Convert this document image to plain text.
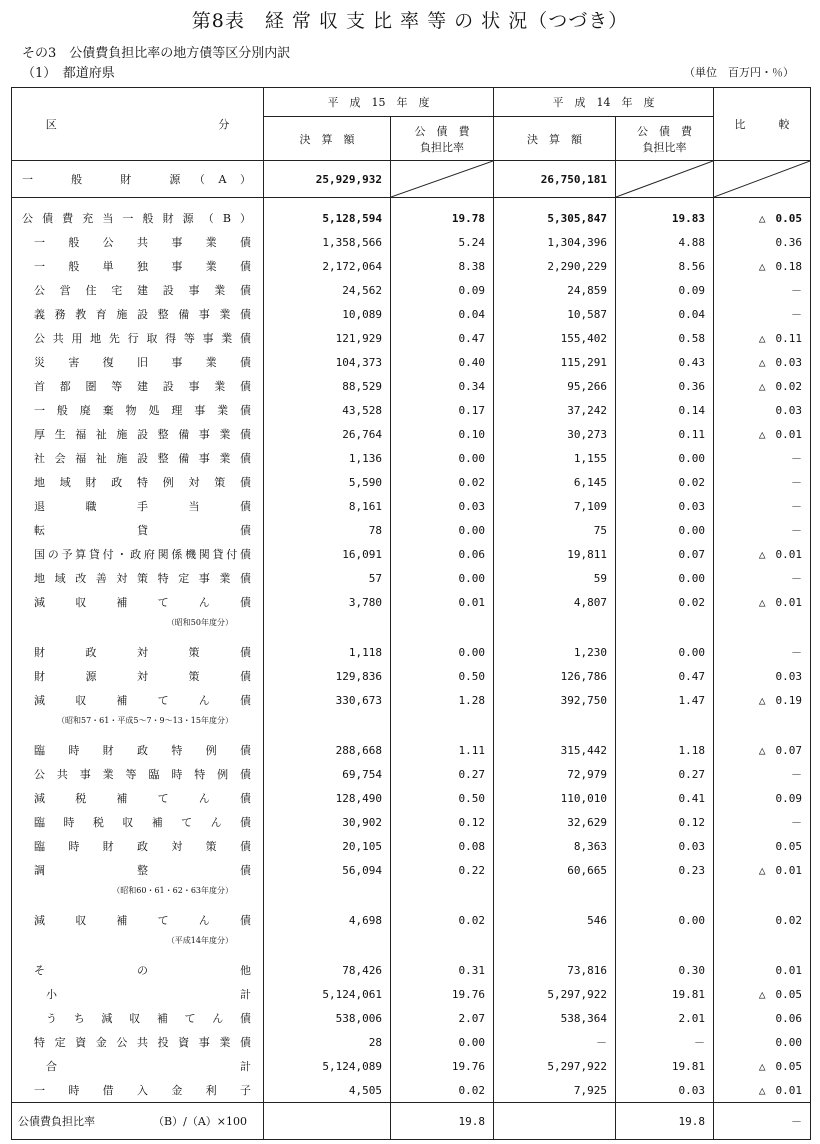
第8表　経 常 収 支 比 率 等 の 状 況（つづき）
その3　公債費負担比率の地方債等区分別内訳
（1）　都道府県	（単位　百万円・％）
区 分	平　成　15　年　度		平　成　14　年　度		比　　　較
	決　算　額	公　債　費
負担比率	決　算　額	公　債　費
負担比率	

一　般　財　源（A）	25,929,932		26,750,181	

公債費充当一般財源（B）	5,128,594	19.78	5,305,847	19.83	△ 0.05

一般公共事業債	1,358,566	5.24	1,304,396	4.88	0.36

一般単独事業債	2,172,064	8.38	2,290,229	8.56	△ 0.18

公営住宅建設事業債	24,562	0.09	24,859	0.09	－

義務教育施設整備事業債	10,089	0.04	10,587	0.04	－

公共用地先行取得等事業債	121,929	0.47	155,402	0.58	△ 0.11

災害復旧事業債	104,373	0.40	115,291	0.43	△ 0.03

首都圏等建設事業債	88,529	0.34	95,266	0.36	△ 0.02

一般廃棄物処理事業債	43,528	0.17	37,242	0.14	0.03

厚生福祉施設整備事業債	26,764	0.10	30,273	0.11	△ 0.01

社会福祉施設整備事業債	1,136	0.00	1,155	0.00	－

地域財政特例対策債	5,590	0.02	6,145	0.02	－

退職手当債	8,161	0.03	7,109	0.03	－

転貸債	78	0.00	75	0.00	－

国の予算貸付・政府関係機関貸付債	16,091	0.06	19,811	0.07	△ 0.01

地域改善対策特定事業債	57	0.00	59	0.00	－

減収補てん債	3,780	0.01	4,807	0.02	△ 0.01
（昭和50年度分）					

財政対策債	1,118	0.00	1,230	0.00	－

財源対策債	129,836	0.50	126,786	0.47	0.03

減収補てん債	330,673	1.28	392,750	1.47	△ 0.19
（昭和57・61・平成5～7・9～13・15年度分）					

臨時財政特例債	288,668	1.11	315,442	1.18	△ 0.07

公共事業等臨時特例債	69,754	0.27	72,979	0.27	－

減税補てん債	128,490	0.50	110,010	0.41	0.09

臨時税収補てん債	30,902	0.12	32,629	0.12	－

臨時財政対策債	20,105	0.08	8,363	0.03	0.05

調整債	56,094	0.22	60,665	0.23	△ 0.01
（昭和60・61・62・63年度分）					

減収補てん債	4,698	0.02	546	0.00	0.02
（平成14年度分）					

その他	78,426	0.31	73,816	0.30	0.01

小計	5,124,061	19.76	5,297,922	19.81	△ 0.05

うち減収補てん債	538,006	2.07	538,364	2.01	0.06

特定資金公共投資事業債	28	0.00	－	－	0.00

合計	5,124,089	19.76	5,297,922	19.81	△ 0.05

一時借入金利子	4,505	0.02	7,925	0.03	△ 0.01
公債費負担比率 （B）/（A）×100		19.8		19.8	－
